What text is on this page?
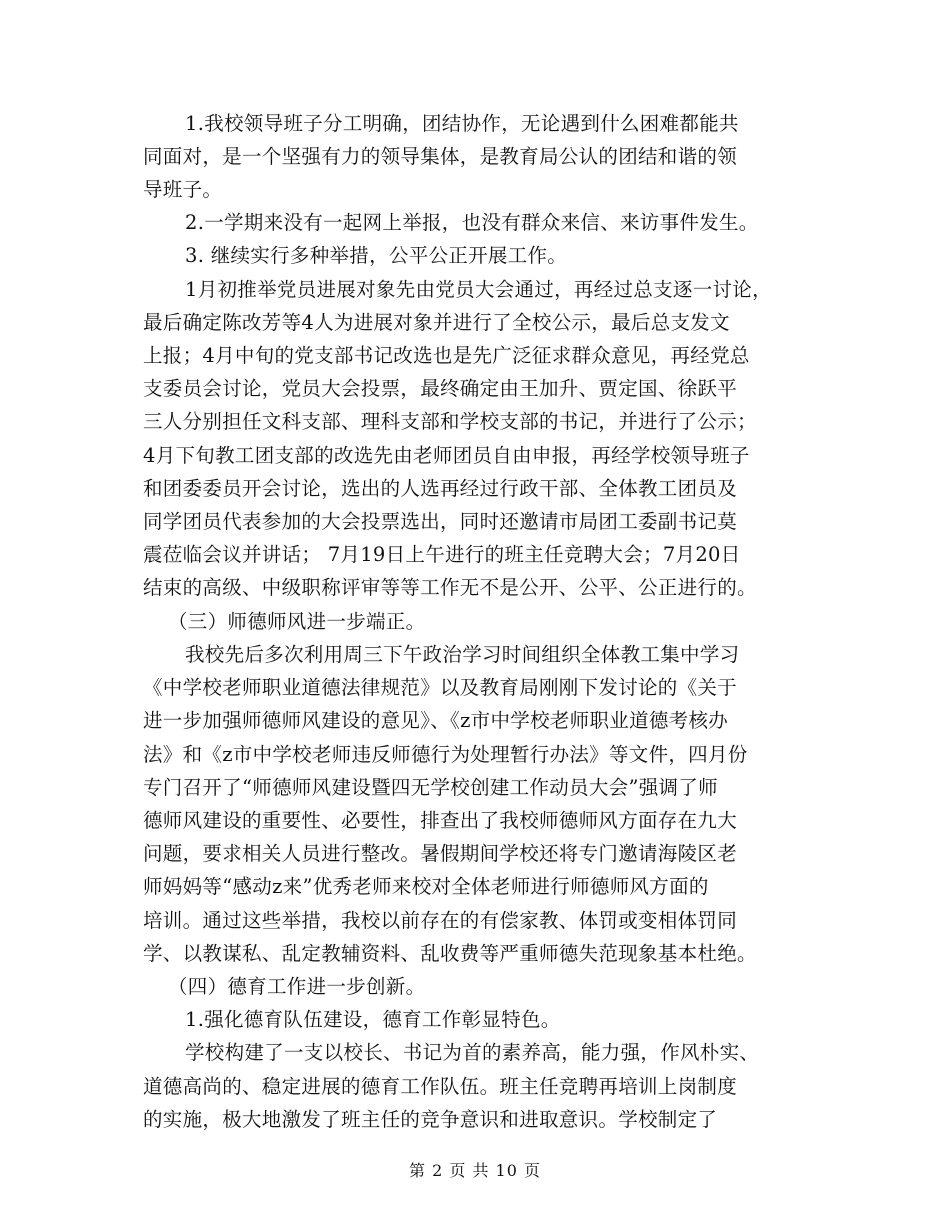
1.我校领导班子分工明确，团结协作，无论遇到什么困难都能共
同面对，是一个坚强有力的领导集体，是教育局公认的团结和谐的领
导班子。
2.一学期来没有一起网上举报，也没有群众来信、来访事件发生。
3. 继续实行多种举措，公平公正开展工作。
1月初推举党员进展对象先由党员大会通过，再经过总支逐一讨论，
最后确定陈改芳等4人为进展对象并进行了全校公示，最后总支发文
上报；4月中旬的党支部书记改选也是先广泛征求群众意见，再经党总
支委员会讨论，党员大会投票，最终确定由王加升、贾定国、徐跃平
三人分别担任文科支部、理科支部和学校支部的书记，并进行了公示；
4月下旬教工团支部的改选先由老师团员自由申报，再经学校领导班子
和团委委员开会讨论，选出的人选再经过行政干部、全体教工团员及
同学团员代表参加的大会投票选出，同时还邀请市局团工委副书记莫
震莅临会议并讲话； 7月19日上午进行的班主任竞聘大会；7月20日
结束的高级、中级职称评审等等工作无不是公开、公平、公正进行的。
（三）师德师风进一步端正。
我校先后多次利用周三下午政治学习时间组织全体教工集中学习
《中学校老师职业道德法律规范》以及教育局刚刚下发讨论的《关于
进一步加强师德师风建设的意见》、《z市中学校老师职业道德考核办
法》和《z市中学校老师违反师德行为处理暂行办法》等文件，四月份
专门召开了“师德师风建设暨四无学校创建工作动员大会”强调了师
德师风建设的重要性、必要性，排查出了我校师德师风方面存在九大
问题，要求相关人员进行整改。暑假期间学校还将专门邀请海陵区老
师妈妈等“感动z来”优秀老师来校对全体老师进行师德师风方面的
培训。通过这些举措，我校以前存在的有偿家教、体罚或变相体罚同
学、以教谋私、乱定教辅资料、乱收费等严重师德失范现象基本杜绝。
（四）德育工作进一步创新。
1.强化德育队伍建设，德育工作彰显特色。
学校构建了一支以校长、书记为首的素养高，能力强，作风朴实、
道德高尚的、稳定进展的德育工作队伍。班主任竞聘再培训上岗制度
的实施，极大地激发了班主任的竞争意识和进取意识。学校制定了
第 2 页 共 10 页
